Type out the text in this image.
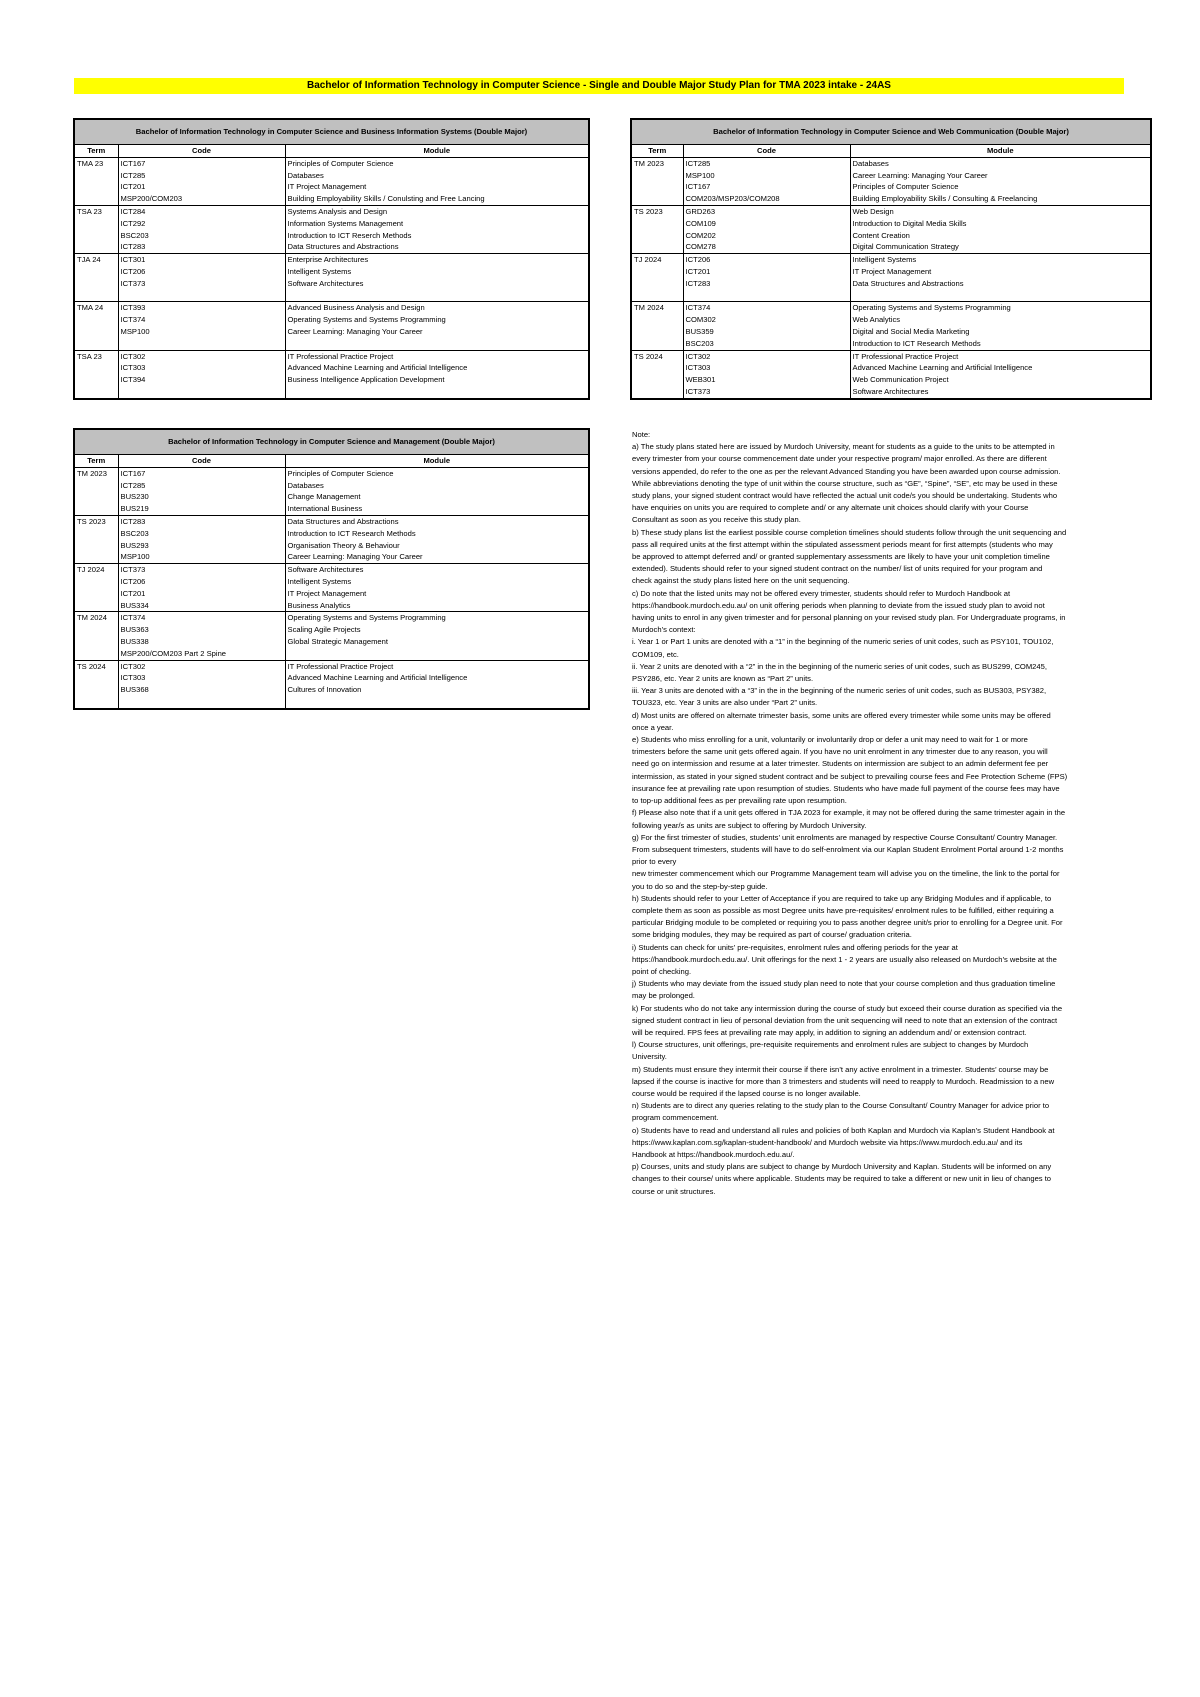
Bachelor of Information Technology in Computer Science - Single and Double Major Study Plan for TMA 2023 intake - 24AS
Bachelor of Information Technology in Computer Science and Business Information Systems (Double Major)		
Term	Code	Module
TMA 23	ICT167	Principles of Computer Science
	ICT285	Databases
	ICT201	IT Project Management
	MSP200/COM203	Building Employability Skills / Conulsting and Free Lancing
TSA 23	ICT284	Systems Analysis and Design
	ICT292	Information Systems Management
	BSC203	Introduction to ICT Reserch Methods
	ICT283	Data Structures and Abstractions
TJA 24	ICT301	Enterprise Architectures
	ICT206	Intelligent Systems
	ICT373	Software Architectures

TMA 24	ICT393	Advanced Business Analysis and Design
	ICT374	Operating Systems and Systems Programming
	MSP100	Career Learning: Managing Your Career

TSA 23	ICT302	IT Professional Practice Project
	ICT303	Advanced Machine Learning and Artificial Intelligence
	ICT394	Business Intelligence Application Development

Bachelor of Information Technology in Computer Science and Web Communication (Double Major)		
Term	Code	Module
TM 2023	ICT285	Databases
	MSP100	Career Learning: Managing Your Career
	ICT167	Principles of Computer Science
	COM203/MSP203/COM208	Building Employability Skills / Consulting & Freelancing
TS 2023	GRD263	Web Design
	COM109	Introduction to Digital Media Skills
	COM202	Content Creation
	COM278	Digital Communication Strategy
TJ 2024	ICT206	Intelligent Systems
	ICT201	IT Project Management
	ICT283	Data Structures and Abstractions

TM 2024	ICT374	Operating Systems and Systems Programming
	COM302	Web Analytics
	BUS359	Digital and Social Media Marketing
	BSC203	Introduction to ICT Research Methods
TS 2024	ICT302	IT Professional Practice Project
	ICT303	Advanced Machine Learning and Artificial Intelligence
	WEB301	Web Communication Project
	ICT373	Software Architectures
Bachelor of Information Technology in Computer Science and Management (Double Major)		
Term	Code	Module
TM 2023	ICT167	Principles of Computer Science
	ICT285	Databases
	BUS230	Change Management
	BUS219	International Business
TS 2023	ICT283	Data Structures and Abstractions
	BSC203	Introduction to ICT Research Methods
	BUS293	Organisation Theory & Behaviour
	MSP100	Career Learning: Managing Your Career
TJ 2024	ICT373	Software Architectures
	ICT206	Intelligent Systems
	ICT201	IT Project Management
	BUS334	Business Analytics
TM 2024	ICT374	Operating Systems and Systems Programming
	BUS363	Scaling Agile Projects
	BUS338	Global Strategic Management
	MSP200/COM203 Part 2 Spine	
TS 2024	ICT302	IT Professional Practice Project
	ICT303	Advanced Machine Learning and Artificial Intelligence
	BUS368	Cultures of Innovation

Note:

a) The study plans stated here are issued by Murdoch University, meant for students as a guide to the units to be attempted in

every trimester from your course commencement date under your respective program/ major enrolled. As there are different

versions appended, do refer to the one as per the relevant Advanced Standing you have been awarded upon course admission.

While abbreviations denoting the type of unit within the course structure, such as “GE”, “Spine”, “SE”, etc may be used in these

study plans, your signed student contract would have reflected the actual unit code/s you should be undertaking. Students who

have enquiries on units you are required to complete and/ or any alternate unit choices should clarify with your Course

Consultant as soon as you receive this study plan.

b) These study plans list the earliest possible course completion timelines should students follow through the unit sequencing and

pass all required units at the first attempt within the stipulated assessment periods meant for first attempts (students who may

be approved to attempt deferred and/ or granted supplementary assessments are likely to have your unit completion timeline

extended). Students should refer to your signed student contract on the number/ list of units required for your program and

check against the study plans listed here on the unit sequencing.

c) Do note that the listed units may not be offered every trimester, students should refer to Murdoch Handbook at

https://handbook.murdoch.edu.au/ on unit offering periods when planning to deviate from the issued study plan to avoid not

having units to enrol in any given trimester and for personal planning on your revised study plan. For Undergraduate programs, in

Murdoch’s context:

i. Year 1 or Part 1 units are denoted with a “1” in the beginning of the numeric series of unit codes, such as PSY101, TOU102,

COM109, etc.

ii. Year 2 units are denoted with a “2” in the in the beginning of the numeric series of unit codes, such as BUS299, COM245,

PSY286, etc. Year 2 units are known as “Part 2” units.

iii. Year 3 units are denoted with a “3” in the in the beginning of the numeric series of unit codes, such as BUS303, PSY382,

TOU323, etc. Year 3 units are also under “Part 2” units.

d) Most units are offered on alternate trimester basis, some units are offered every trimester while some units may be offered

once a year.

e) Students who miss enrolling for a unit, voluntarily or involuntarily drop or defer a unit may need to wait for 1 or more

trimesters before the same unit gets offered again. If you have no unit enrolment in any trimester due to any reason, you will

need go on intermission and resume at a later trimester. Students on intermission are subject to an admin deferment fee per

intermission, as stated in your signed student contract and be subject to prevailing course fees and Fee Protection Scheme (FPS)

insurance fee at prevailing rate upon resumption of studies. Students who have made full payment of the course fees may have

to top-up additional fees as per prevailing rate upon resumption.

f) Please also note that if a unit gets offered in TJA 2023 for example, it may not be offered during the same trimester again in the

following year/s as units are subject to offering by Murdoch University.

g) For the first trimester of studies, students’ unit enrolments are managed by respective Course Consultant/ Country Manager.

From subsequent trimesters, students will have to do self-enrolment via our Kaplan Student Enrolment Portal around 1-2 months

prior to every

new trimester commencement which our Programme Management team will advise you on the timeline, the link to the portal for

you to do so and the step-by-step guide.

h) Students should refer to your Letter of Acceptance if you are required to take up any Bridging Modules and if applicable, to

complete them as soon as possible as most Degree units have pre-requisites/ enrolment rules to be fulfilled, either requiring a

particular Bridging module to be completed or requiring you to pass another degree unit/s prior to enrolling for a Degree unit. For

some bridging modules, they may be required as part of course/ graduation criteria.

i) Students can check for units’ pre-requisites, enrolment rules and offering periods for the year at

https://handbook.murdoch.edu.au/. Unit offerings for the next 1 - 2 years are usually also released on Murdoch’s website at the

point of checking.

j) Students who may deviate from the issued study plan need to note that your course completion and thus graduation timeline

may be prolonged.

k) For students who do not take any intermission during the course of study but exceed their course duration as specified via the

signed student contract in lieu of personal deviation from the unit sequencing will need to note that an extension of the contract

will be required. FPS fees at prevailing rate may apply, in addition to signing an addendum and/ or extension contract.

l) Course structures, unit offerings, pre-requisite requirements and enrolment rules are subject to changes by Murdoch

University.

m) Students must ensure they intermit their course if there isn’t any active enrolment in a trimester. Students’ course may be

lapsed if the course is inactive for more than 3 trimesters and students will need to reapply to Murdoch. Readmission to a new

course would be required if the lapsed course is no longer available.

n) Students are to direct any queries relating to the study plan to the Course Consultant/ Country Manager for advice prior to

program commencement.

o) Students have to read and understand all rules and policies of both Kaplan and Murdoch via Kaplan’s Student Handbook at

https://www.kaplan.com.sg/kaplan-student-handbook/ and Murdoch website via https://www.murdoch.edu.au/ and its

Handbook at https://handbook.murdoch.edu.au/.

p) Courses, units and study plans are subject to change by Murdoch University and Kaplan. Students will be informed on any

changes to their course/ units where applicable. Students may be required to take a different or new unit in lieu of changes to

course or unit structures.
